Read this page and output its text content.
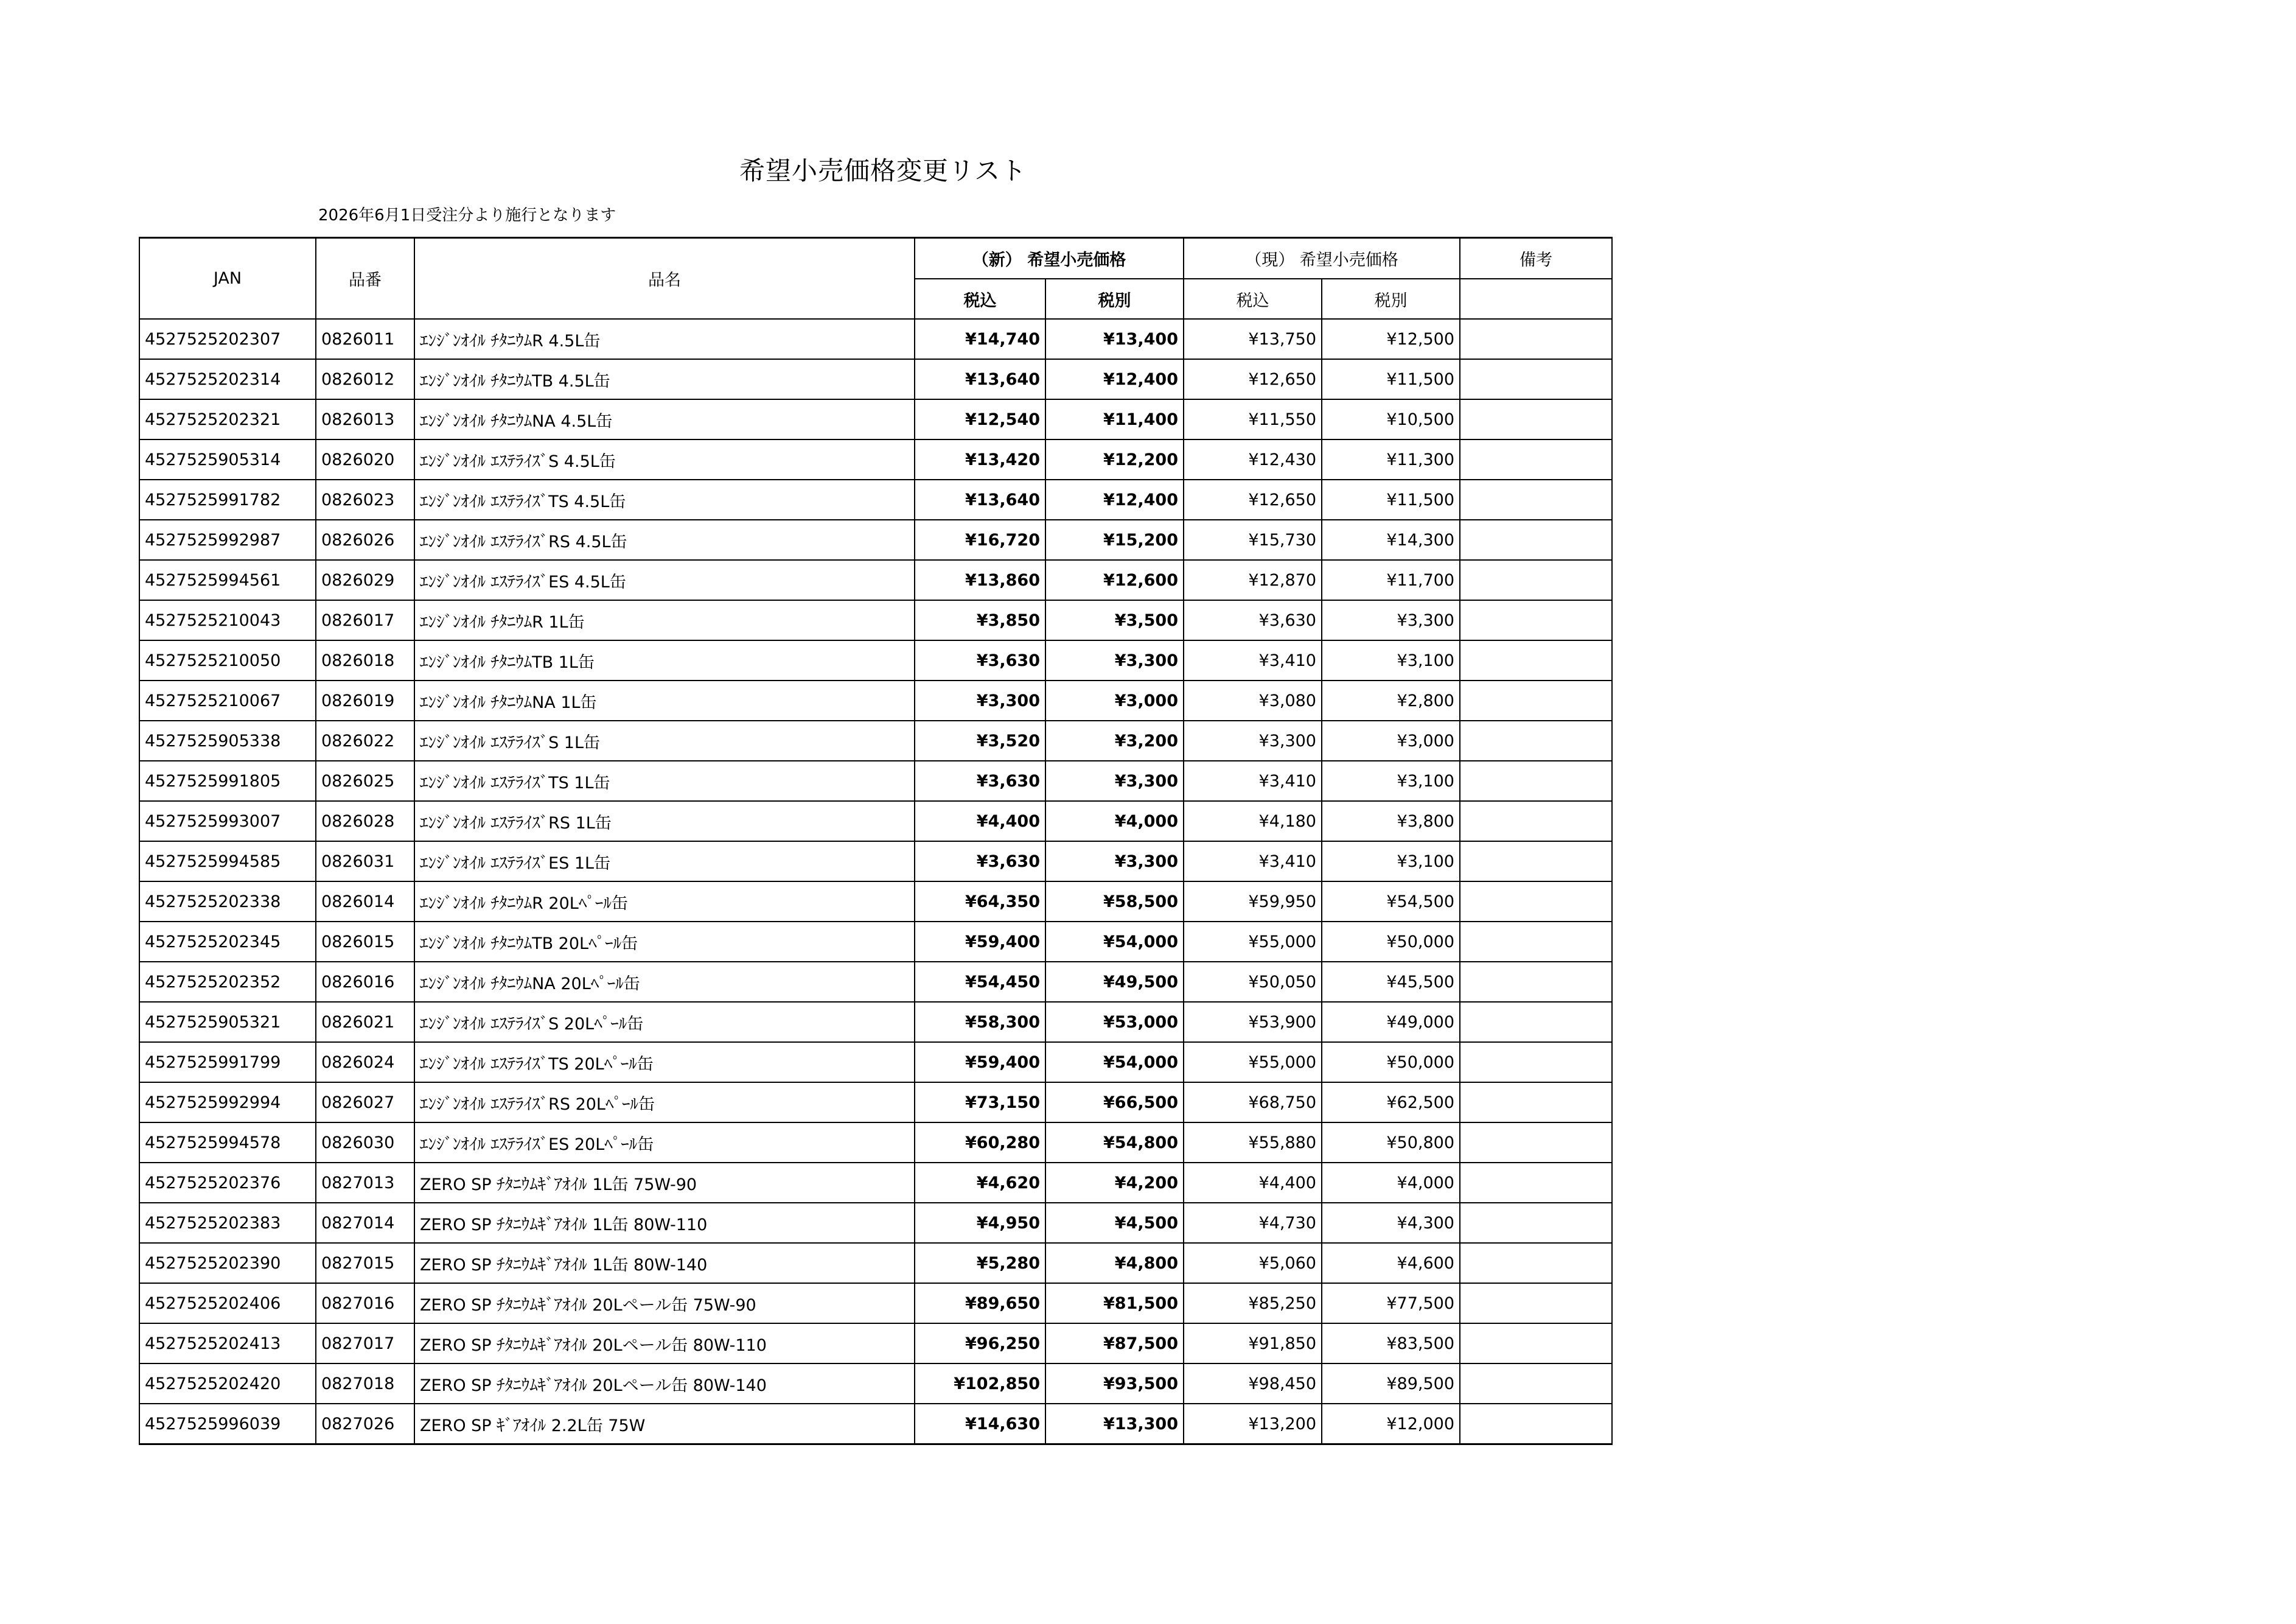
希望小売価格変更リスト
2026年6月1日受注分より施行となります
JAN	品番	品名	（新） 希望小売価格		（現） 希望小売価格		備考
			税込	税別	税込	税別	
4527525202307	0826011	ｴﾝｼﾞﾝｵｲﾙ ﾁﾀﾆｳﾑR 4.5L缶	¥14,740	¥13,400	¥13,750	¥12,500	
4527525202314	0826012	ｴﾝｼﾞﾝｵｲﾙ ﾁﾀﾆｳﾑTB 4.5L缶	¥13,640	¥12,400	¥12,650	¥11,500	
4527525202321	0826013	ｴﾝｼﾞﾝｵｲﾙ ﾁﾀﾆｳﾑNA 4.5L缶	¥12,540	¥11,400	¥11,550	¥10,500	
4527525905314	0826020	ｴﾝｼﾞﾝｵｲﾙ ｴｽﾃﾗｲｽﾞS 4.5L缶	¥13,420	¥12,200	¥12,430	¥11,300	
4527525991782	0826023	ｴﾝｼﾞﾝｵｲﾙ ｴｽﾃﾗｲｽﾞTS 4.5L缶	¥13,640	¥12,400	¥12,650	¥11,500	
4527525992987	0826026	ｴﾝｼﾞﾝｵｲﾙ ｴｽﾃﾗｲｽﾞRS 4.5L缶	¥16,720	¥15,200	¥15,730	¥14,300	
4527525994561	0826029	ｴﾝｼﾞﾝｵｲﾙ ｴｽﾃﾗｲｽﾞES 4.5L缶	¥13,860	¥12,600	¥12,870	¥11,700	
4527525210043	0826017	ｴﾝｼﾞﾝｵｲﾙ ﾁﾀﾆｳﾑR 1L缶	¥3,850	¥3,500	¥3,630	¥3,300	
4527525210050	0826018	ｴﾝｼﾞﾝｵｲﾙ ﾁﾀﾆｳﾑTB 1L缶	¥3,630	¥3,300	¥3,410	¥3,100	
4527525210067	0826019	ｴﾝｼﾞﾝｵｲﾙ ﾁﾀﾆｳﾑNA 1L缶	¥3,300	¥3,000	¥3,080	¥2,800	
4527525905338	0826022	ｴﾝｼﾞﾝｵｲﾙ ｴｽﾃﾗｲｽﾞS 1L缶	¥3,520	¥3,200	¥3,300	¥3,000	
4527525991805	0826025	ｴﾝｼﾞﾝｵｲﾙ ｴｽﾃﾗｲｽﾞTS 1L缶	¥3,630	¥3,300	¥3,410	¥3,100	
4527525993007	0826028	ｴﾝｼﾞﾝｵｲﾙ ｴｽﾃﾗｲｽﾞRS 1L缶	¥4,400	¥4,000	¥4,180	¥3,800	
4527525994585	0826031	ｴﾝｼﾞﾝｵｲﾙ ｴｽﾃﾗｲｽﾞES 1L缶	¥3,630	¥3,300	¥3,410	¥3,100	
4527525202338	0826014	ｴﾝｼﾞﾝｵｲﾙ ﾁﾀﾆｳﾑR 20Lﾍﾟｰﾙ缶	¥64,350	¥58,500	¥59,950	¥54,500	
4527525202345	0826015	ｴﾝｼﾞﾝｵｲﾙ ﾁﾀﾆｳﾑTB 20Lﾍﾟｰﾙ缶	¥59,400	¥54,000	¥55,000	¥50,000	
4527525202352	0826016	ｴﾝｼﾞﾝｵｲﾙ ﾁﾀﾆｳﾑNA 20Lﾍﾟｰﾙ缶	¥54,450	¥49,500	¥50,050	¥45,500	
4527525905321	0826021	ｴﾝｼﾞﾝｵｲﾙ ｴｽﾃﾗｲｽﾞS 20Lﾍﾟｰﾙ缶	¥58,300	¥53,000	¥53,900	¥49,000	
4527525991799	0826024	ｴﾝｼﾞﾝｵｲﾙ ｴｽﾃﾗｲｽﾞTS 20Lﾍﾟｰﾙ缶	¥59,400	¥54,000	¥55,000	¥50,000	
4527525992994	0826027	ｴﾝｼﾞﾝｵｲﾙ ｴｽﾃﾗｲｽﾞRS 20Lﾍﾟｰﾙ缶	¥73,150	¥66,500	¥68,750	¥62,500	
4527525994578	0826030	ｴﾝｼﾞﾝｵｲﾙ ｴｽﾃﾗｲｽﾞES 20Lﾍﾟｰﾙ缶	¥60,280	¥54,800	¥55,880	¥50,800	
4527525202376	0827013	ZERO SP ﾁﾀﾆｳﾑｷﾞｱｵｲﾙ 1L缶 75W-90	¥4,620	¥4,200	¥4,400	¥4,000	
4527525202383	0827014	ZERO SP ﾁﾀﾆｳﾑｷﾞｱｵｲﾙ 1L缶 80W-110	¥4,950	¥4,500	¥4,730	¥4,300	
4527525202390	0827015	ZERO SP ﾁﾀﾆｳﾑｷﾞｱｵｲﾙ 1L缶 80W-140	¥5,280	¥4,800	¥5,060	¥4,600	
4527525202406	0827016	ZERO SP ﾁﾀﾆｳﾑｷﾞｱｵｲﾙ 20Lペール缶 75W-90	¥89,650	¥81,500	¥85,250	¥77,500	
4527525202413	0827017	ZERO SP ﾁﾀﾆｳﾑｷﾞｱｵｲﾙ 20Lペール缶 80W-110	¥96,250	¥87,500	¥91,850	¥83,500	
4527525202420	0827018	ZERO SP ﾁﾀﾆｳﾑｷﾞｱｵｲﾙ 20Lペール缶 80W-140	¥102,850	¥93,500	¥98,450	¥89,500	
4527525996039	0827026	ZERO SP ｷﾞｱｵｲﾙ 2.2L缶 75W	¥14,630	¥13,300	¥13,200	¥12,000	
